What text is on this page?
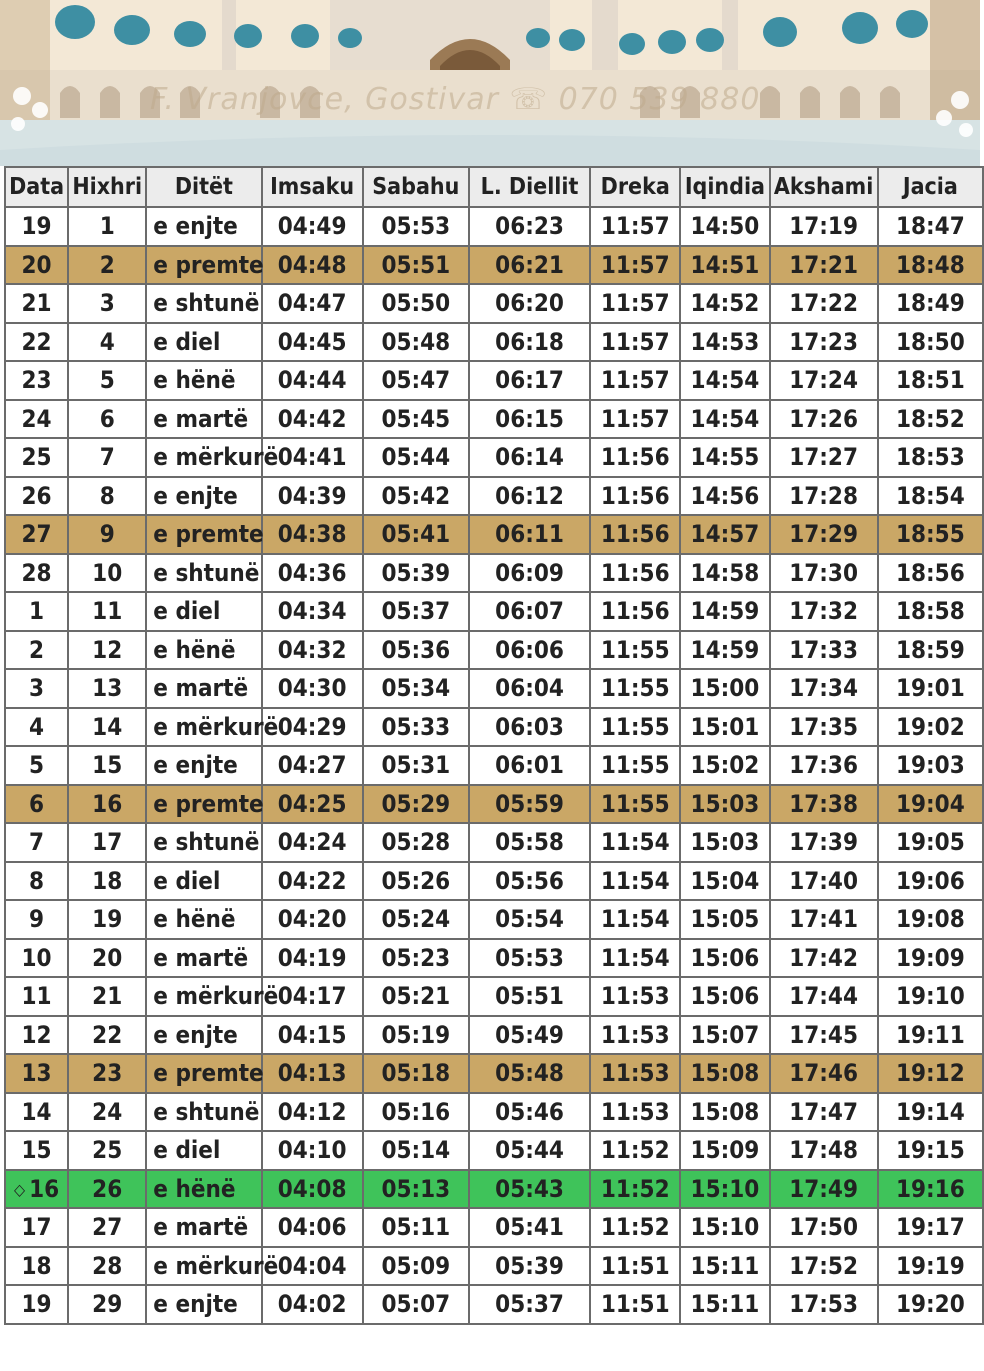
F. Vranjovce, Gostivar ☏ 070 539 880
Data	Hixhri	Ditët	Imsaku	Sabahu	L. Diellit	Dreka	Iqindia	Akshami	Jacia
19	1	e enjte	04:49	05:53	06:23	11:57	14:50	17:19	18:47
20	2	e premte	04:48	05:51	06:21	11:57	14:51	17:21	18:48
21	3	e shtunë	04:47	05:50	06:20	11:57	14:52	17:22	18:49
22	4	e diel	04:45	05:48	06:18	11:57	14:53	17:23	18:50
23	5	e hënë	04:44	05:47	06:17	11:57	14:54	17:24	18:51
24	6	e martë	04:42	05:45	06:15	11:57	14:54	17:26	18:52
25	7	e mërkurë	04:41	05:44	06:14	11:56	14:55	17:27	18:53
26	8	e enjte	04:39	05:42	06:12	11:56	14:56	17:28	18:54
27	9	e premte	04:38	05:41	06:11	11:56	14:57	17:29	18:55
28	10	e shtunë	04:36	05:39	06:09	11:56	14:58	17:30	18:56
1	11	e diel	04:34	05:37	06:07	11:56	14:59	17:32	18:58
2	12	e hënë	04:32	05:36	06:06	11:55	14:59	17:33	18:59
3	13	e martë	04:30	05:34	06:04	11:55	15:00	17:34	19:01
4	14	e mërkurë	04:29	05:33	06:03	11:55	15:01	17:35	19:02
5	15	e enjte	04:27	05:31	06:01	11:55	15:02	17:36	19:03
6	16	e premte	04:25	05:29	05:59	11:55	15:03	17:38	19:04
7	17	e shtunë	04:24	05:28	05:58	11:54	15:03	17:39	19:05
8	18	e diel	04:22	05:26	05:56	11:54	15:04	17:40	19:06
9	19	e hënë	04:20	05:24	05:54	11:54	15:05	17:41	19:08
10	20	e martë	04:19	05:23	05:53	11:54	15:06	17:42	19:09
11	21	e mërkurë	04:17	05:21	05:51	11:53	15:06	17:44	19:10
12	22	e enjte	04:15	05:19	05:49	11:53	15:07	17:45	19:11
13	23	e premte	04:13	05:18	05:48	11:53	15:08	17:46	19:12
14	24	e shtunë	04:12	05:16	05:46	11:53	15:08	17:47	19:14
15	25	e diel	04:10	05:14	05:44	11:52	15:09	17:48	19:15
◇ 16	26	e hënë	04:08	05:13	05:43	11:52	15:10	17:49	19:16
17	27	e martë	04:06	05:11	05:41	11:52	15:10	17:50	19:17
18	28	e mërkurë	04:04	05:09	05:39	11:51	15:11	17:52	19:19
19	29	e enjte	04:02	05:07	05:37	11:51	15:11	17:53	19:20
